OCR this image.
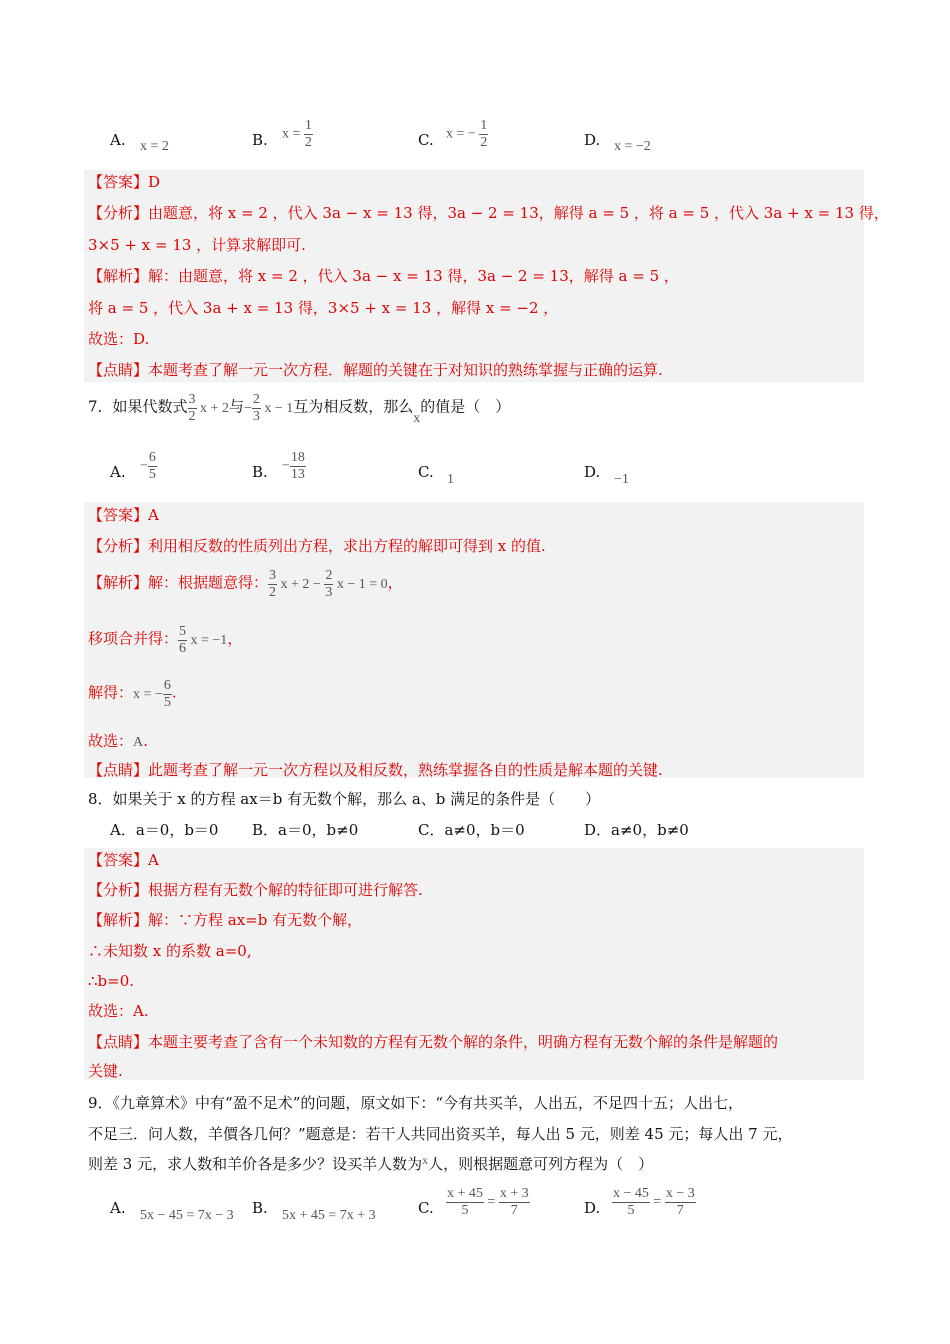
A. x = 2	B. $x = \frac{1}{2}$	C. x = − $\frac{1}{2}$	D. x = −2
【答案】D
【分析】由题意，将 x = 2 ，代入 3a − x = 13 得，3a − 2 = 13，解得 a = 5 ，将 a = 5 ，代入 3a + x = 13 得，
3×5 + x = 13 ，计算求解即可.
【解析】解：由题意，将 x = 2 ，代入 3a − x = 13 得，3a − 2 = 13，解得 a = 5 ，
将 a = 5 ，代入 3a + x = 13 得，3×5 + x = 13 ，解得 x = −2 ，
故选：D.
【点睛】本题考查了解一元一次方程．解题的关键在于对知识的熟练掌握与正确的运算.
7．如果代数式 $\frac{3}{2}$ x + 2与− $\frac{2}{3}$ x − 1互为相反数，那么x的值是（　）
A. − $\frac{6}{5}$	B. − $\frac{18}{13}$	C. 1	D. −1
【答案】A
【分析】利用相反数的性质列出方程，求出方程的解即可得到 x 的值.
【解析】解：根据题意得： $\frac{3}{2}$ $x + 2 - \frac{2}{3}$ x − 1 = 0，
移项合并得： $\frac{5}{6}$ x = −1，
解得：x = − $\frac{6}{5}$ .
故选：A.
【点睛】此题考查了解一元一次方程以及相反数，熟练掌握各自的性质是解本题的关键.
8．如果关于 x 的方程 ax＝b 有无数个解，那么 a、b 满足的条件是（　　）
A．a＝0，b＝0 B．a＝0，b≠0	C．a≠0，b＝0	D．a≠0，b≠0
【答案】A
【分析】根据方程有无数个解的特征即可进行解答.
【解析】解：∵方程 ax=b 有无数个解，
∴未知数 x 的系数 a=0,
∴b=0.
故选：A.
【点睛】本题主要考查了含有一个未知数的方程有无数个解的条件，明确方程有无数个解的条件是解题的
关键.
9．《九章算术》中有“盈不足术”的问题，原文如下：“今有共买羊，人出五，不足四十五；人出七，
不足三．问人数，羊價各几何？”题意是：若干人共同出资买羊，每人出 5 元，则差 45 元；每人出 7 元，
则差 3 元，求人数和羊价各是多少？设买羊人数为$^x$人，则根据题意可列方程为（　）
A. 5x − 45 = 7x − 3 B. 5x + 45 = 7x + 3	C. $\frac{x + 45}{5} = \frac{x + 3}{7}$	D. $\frac{x - 45}{5} = \frac{x - 3}{7}$
